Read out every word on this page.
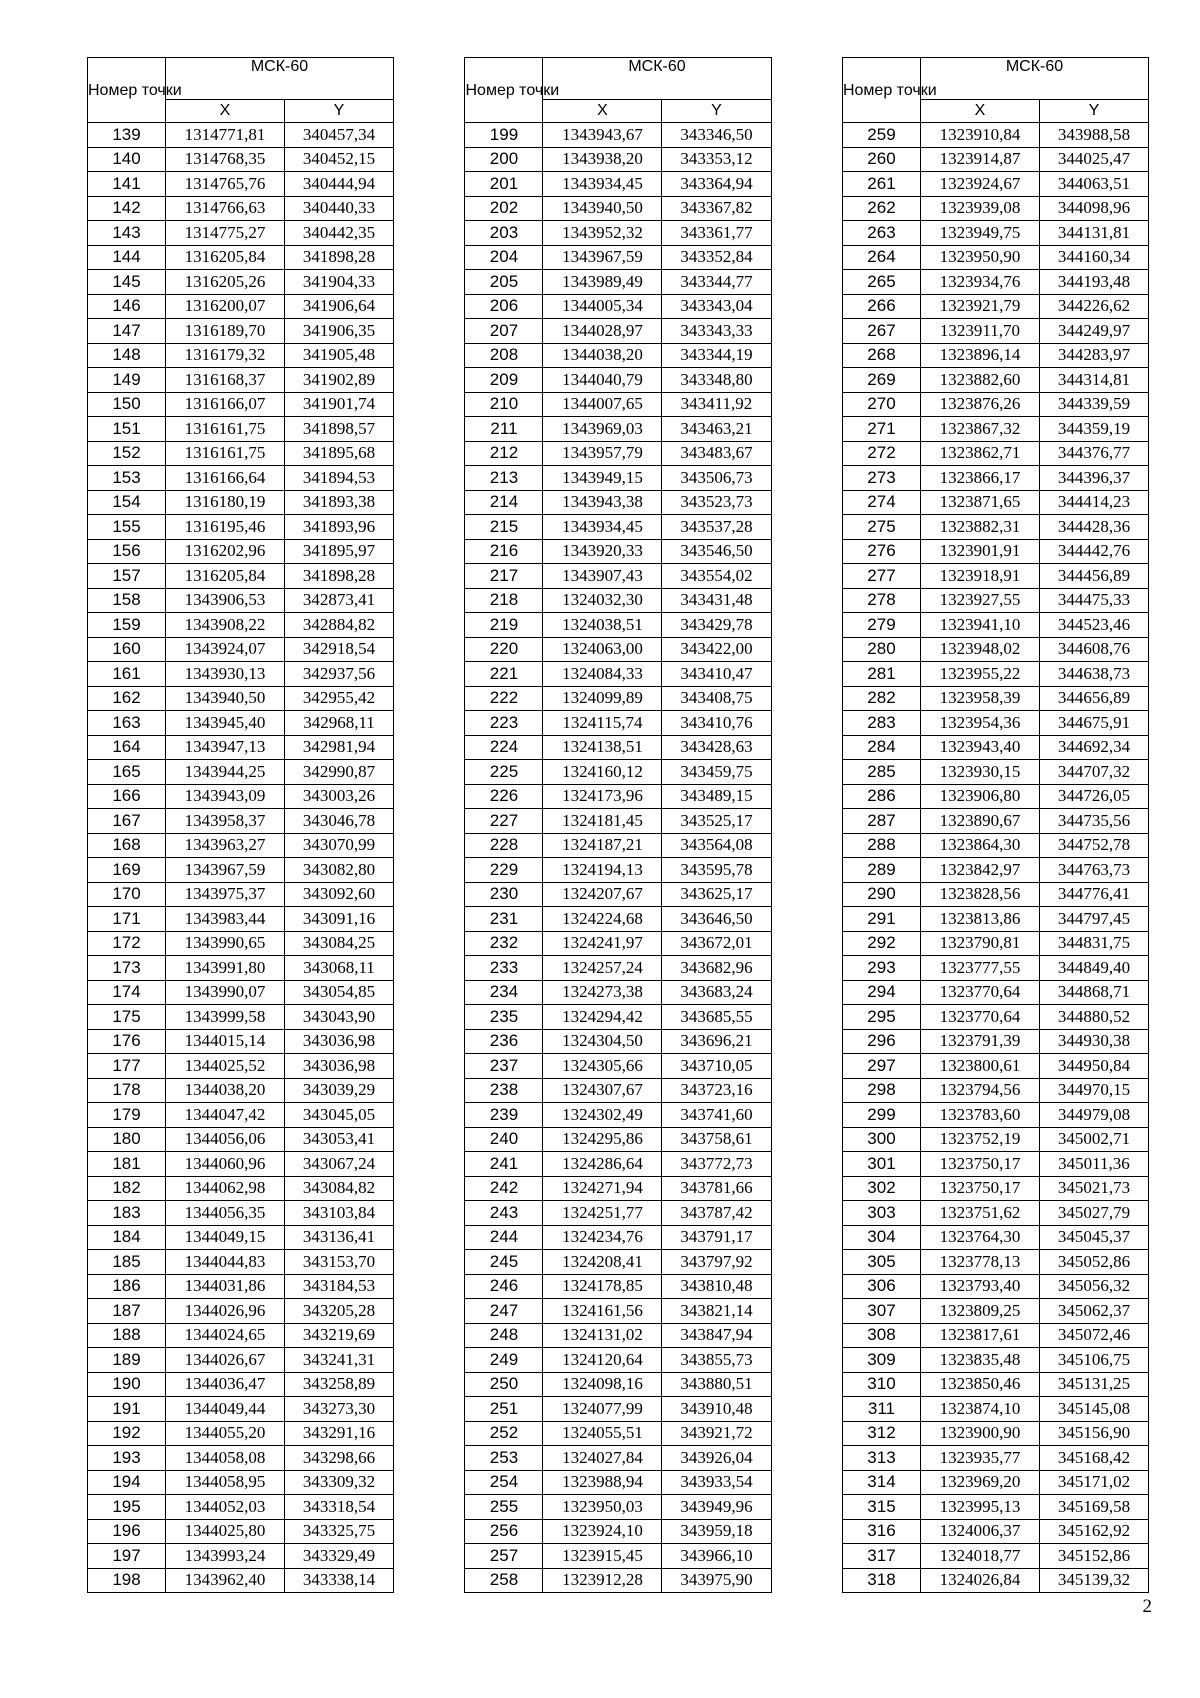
Номер точки	МСК-60	
	X	Y
139	1314771,81	340457,34
140	1314768,35	340452,15
141	1314765,76	340444,94
142	1314766,63	340440,33
143	1314775,27	340442,35
144	1316205,84	341898,28
145	1316205,26	341904,33
146	1316200,07	341906,64
147	1316189,70	341906,35
148	1316179,32	341905,48
149	1316168,37	341902,89
150	1316166,07	341901,74
151	1316161,75	341898,57
152	1316161,75	341895,68
153	1316166,64	341894,53
154	1316180,19	341893,38
155	1316195,46	341893,96
156	1316202,96	341895,97
157	1316205,84	341898,28
158	1343906,53	342873,41
159	1343908,22	342884,82
160	1343924,07	342918,54
161	1343930,13	342937,56
162	1343940,50	342955,42
163	1343945,40	342968,11
164	1343947,13	342981,94
165	1343944,25	342990,87
166	1343943,09	343003,26
167	1343958,37	343046,78
168	1343963,27	343070,99
169	1343967,59	343082,80
170	1343975,37	343092,60
171	1343983,44	343091,16
172	1343990,65	343084,25
173	1343991,80	343068,11
174	1343990,07	343054,85
175	1343999,58	343043,90
176	1344015,14	343036,98
177	1344025,52	343036,98
178	1344038,20	343039,29
179	1344047,42	343045,05
180	1344056,06	343053,41
181	1344060,96	343067,24
182	1344062,98	343084,82
183	1344056,35	343103,84
184	1344049,15	343136,41
185	1344044,83	343153,70
186	1344031,86	343184,53
187	1344026,96	343205,28
188	1344024,65	343219,69
189	1344026,67	343241,31
190	1344036,47	343258,89
191	1344049,44	343273,30
192	1344055,20	343291,16
193	1344058,08	343298,66
194	1344058,95	343309,32
195	1344052,03	343318,54
196	1344025,80	343325,75
197	1343993,24	343329,49
198	1343962,40	343338,14
Номер точки	МСК-60	
	X	Y
199	1343943,67	343346,50
200	1343938,20	343353,12
201	1343934,45	343364,94
202	1343940,50	343367,82
203	1343952,32	343361,77
204	1343967,59	343352,84
205	1343989,49	343344,77
206	1344005,34	343343,04
207	1344028,97	343343,33
208	1344038,20	343344,19
209	1344040,79	343348,80
210	1344007,65	343411,92
211	1343969,03	343463,21
212	1343957,79	343483,67
213	1343949,15	343506,73
214	1343943,38	343523,73
215	1343934,45	343537,28
216	1343920,33	343546,50
217	1343907,43	343554,02
218	1324032,30	343431,48
219	1324038,51	343429,78
220	1324063,00	343422,00
221	1324084,33	343410,47
222	1324099,89	343408,75
223	1324115,74	343410,76
224	1324138,51	343428,63
225	1324160,12	343459,75
226	1324173,96	343489,15
227	1324181,45	343525,17
228	1324187,21	343564,08
229	1324194,13	343595,78
230	1324207,67	343625,17
231	1324224,68	343646,50
232	1324241,97	343672,01
233	1324257,24	343682,96
234	1324273,38	343683,24
235	1324294,42	343685,55
236	1324304,50	343696,21
237	1324305,66	343710,05
238	1324307,67	343723,16
239	1324302,49	343741,60
240	1324295,86	343758,61
241	1324286,64	343772,73
242	1324271,94	343781,66
243	1324251,77	343787,42
244	1324234,76	343791,17
245	1324208,41	343797,92
246	1324178,85	343810,48
247	1324161,56	343821,14
248	1324131,02	343847,94
249	1324120,64	343855,73
250	1324098,16	343880,51
251	1324077,99	343910,48
252	1324055,51	343921,72
253	1324027,84	343926,04
254	1323988,94	343933,54
255	1323950,03	343949,96
256	1323924,10	343959,18
257	1323915,45	343966,10
258	1323912,28	343975,90
Номер точки	МСК-60	
	X	Y
259	1323910,84	343988,58
260	1323914,87	344025,47
261	1323924,67	344063,51
262	1323939,08	344098,96
263	1323949,75	344131,81
264	1323950,90	344160,34
265	1323934,76	344193,48
266	1323921,79	344226,62
267	1323911,70	344249,97
268	1323896,14	344283,97
269	1323882,60	344314,81
270	1323876,26	344339,59
271	1323867,32	344359,19
272	1323862,71	344376,77
273	1323866,17	344396,37
274	1323871,65	344414,23
275	1323882,31	344428,36
276	1323901,91	344442,76
277	1323918,91	344456,89
278	1323927,55	344475,33
279	1323941,10	344523,46
280	1323948,02	344608,76
281	1323955,22	344638,73
282	1323958,39	344656,89
283	1323954,36	344675,91
284	1323943,40	344692,34
285	1323930,15	344707,32
286	1323906,80	344726,05
287	1323890,67	344735,56
288	1323864,30	344752,78
289	1323842,97	344763,73
290	1323828,56	344776,41
291	1323813,86	344797,45
292	1323790,81	344831,75
293	1323777,55	344849,40
294	1323770,64	344868,71
295	1323770,64	344880,52
296	1323791,39	344930,38
297	1323800,61	344950,84
298	1323794,56	344970,15
299	1323783,60	344979,08
300	1323752,19	345002,71
301	1323750,17	345011,36
302	1323750,17	345021,73
303	1323751,62	345027,79
304	1323764,30	345045,37
305	1323778,13	345052,86
306	1323793,40	345056,32
307	1323809,25	345062,37
308	1323817,61	345072,46
309	1323835,48	345106,75
310	1323850,46	345131,25
311	1323874,10	345145,08
312	1323900,90	345156,90
313	1323935,77	345168,42
314	1323969,20	345171,02
315	1323995,13	345169,58
316	1324006,37	345162,92
317	1324018,77	345152,86
318	1324026,84	345139,32
2
